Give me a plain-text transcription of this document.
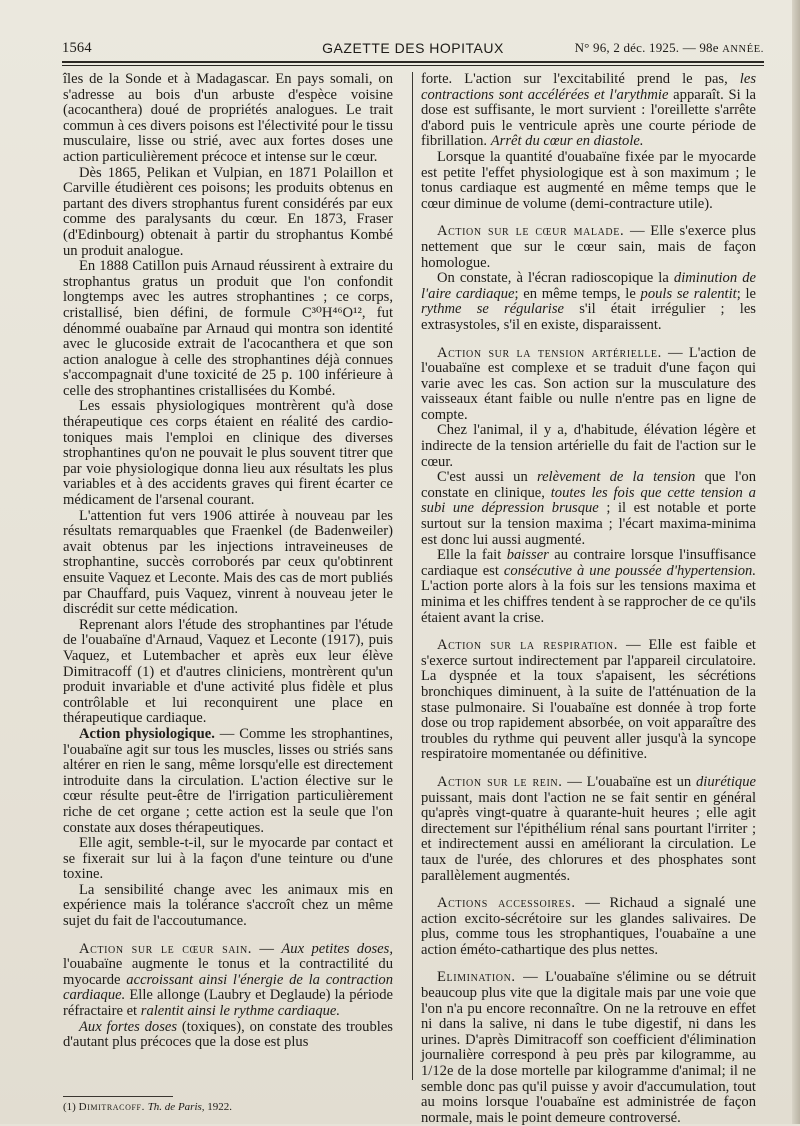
1564	GAZETTE DES HOPITAUX	N° 96, 2 déc. 1925. — 98e ANNÉE.

îles de la Sonde et à Madagascar. En pays somali, on s'adresse au bois d'un arbuste d'espèce voisine (acocanthera) doué de propriétés analogues. Le trait commun à ces divers poisons est l'électivité pour le tissu musculaire, lisse ou strié, avec aux fortes doses une action particulièrement précoce et intense sur le cœur.

Dès 1865, Pelikan et Vulpian, en 1871 Polaillon et Carville étudièrent ces poisons; les produits obtenus en partant des divers strophantus furent considérés par eux comme des paralysants du cœur. En 1873, Fraser (d'Edinbourg) obtenait à partir du strophantus Kombé un produit analogue.

En 1888 Catillon puis Arnaud réussirent à extraire du strophantus gratus un produit que l'on confondit longtemps avec les autres strophantines ; ce corps, cristallisé, bien défini, de formule C³⁰H⁴⁶O¹², fut dénommé ouabaïne par Arnaud qui montra son identité avec le glucoside extrait de l'acocanthera et que son action analogue à celle des strophantines déjà connues s'accompagnait d'une toxicité de 25 p. 100 inférieure à celle des strophantines cristallisées du Kombé.

Les essais physiologiques montrèrent qu'à dose thérapeutique ces corps étaient en réalité des cardio-toniques mais l'emploi en clinique des diverses strophantines qu'on ne pouvait le plus souvent titrer que par voie physiologique donna lieu aux résultats les plus variables et à des accidents graves qui firent écarter ce médicament de l'arsenal courant.

L'attention fut vers 1906 attirée à nouveau par les résultats remarquables que Fraenkel (de Badenweiler) avait obtenus par les injections intraveineuses de strophantine, succès corroborés par ceux qu'obtinrent ensuite Vaquez et Leconte. Mais des cas de mort publiés par Chauffard, puis Vaquez, vinrent à nouveau jeter le discrédit sur cette médication.

Reprenant alors l'étude des strophantines par l'étude de l'ouabaïne d'Arnaud, Vaquez et Leconte (1917), puis Vaquez, et Lutembacher et après eux leur élève Dimitracoff (1) et d'autres cliniciens, montrèrent qu'un produit invariable et d'une activité plus fidèle et plus contrôlable et lui reconquirent une place en thérapeutique cardiaque.

Action physiologique. — Comme les strophantines, l'ouabaïne agit sur tous les muscles, lisses ou striés sans altérer en rien le sang, même lorsqu'elle est directement introduite dans la circulation. L'action élective sur le cœur résulte peut-être de l'irrigation particulièrement riche de cet organe ; cette action est la seule que l'on constate aux doses thérapeutiques.

Elle agit, semble-t-il, sur le myocarde par contact et se fixerait sur lui à la façon d'une teinture ou d'une toxine.

La sensibilité change avec les animaux mis en expérience mais la tolérance s'accroît chez un même sujet du fait de l'accoutumance.

Action sur le cœur sain. — Aux petites doses, l'ouabaïne augmente le tonus et la contractilité du myocarde accroissant ainsi l'énergie de la contraction cardiaque. Elle allonge (Laubry et Deglaude) la période réfractaire et ralentit ainsi le rythme cardiaque.

Aux fortes doses (toxiques), on constate des troubles d'autant plus précoces que la dose est plus

(1) Dimitracoff. Th. de Paris, 1922.

forte. L'action sur l'excitabilité prend le pas, les contractions sont accélérées et l'arythmie apparaît. Si la dose est suffisante, le mort survient : l'oreillette s'arrête d'abord puis le ventricule après une courte période de fibrillation. Arrêt du cœur en diastole.

Lorsque la quantité d'ouabaïne fixée par le myocarde est petite l'effet physiologique est à son maximum ; le tonus cardiaque est augmenté en même temps que le cœur diminue de volume (demi-contracture utile).

Action sur le cœur malade. — Elle s'exerce plus nettement que sur le cœur sain, mais de façon homologue.

On constate, à l'écran radioscopique la diminution de l'aire cardiaque; en même temps, le pouls se ralentit; le rythme se régularise s'il était irrégulier ; les extrasystoles, s'il en existe, disparaissent.

Action sur la tension artérielle. — L'action de l'ouabaïne est complexe et se traduit d'une façon qui varie avec les cas. Son action sur la musculature des vaisseaux étant faible ou nulle n'entre pas en ligne de compte.

Chez l'animal, il y a, d'habitude, élévation légère et indirecte de la tension artérielle du fait de l'action sur le cœur.

C'est aussi un relèvement de la tension que l'on constate en clinique, toutes les fois que cette tension a subi une dépression brusque ; il est notable et porte surtout sur la tension maxima ; l'écart maxima-minima est donc lui aussi augmenté.

Elle la fait baisser au contraire lorsque l'insuffisance cardiaque est consécutive à une poussée d'hypertension. L'action porte alors à la fois sur les tensions maxima et minima et les chiffres tendent à se rapprocher de ce qu'ils étaient avant la crise.

Action sur la respiration. — Elle est faible et s'exerce surtout indirectement par l'appareil circulatoire. La dyspnée et la toux s'apaisent, les sécrétions bronchiques diminuent, à la suite de l'atténuation de la stase pulmonaire. Si l'ouabaïne est donnée à trop forte dose ou trop rapidement absorbée, on voit apparaître des troubles du rythme qui peuvent aller jusqu'à la syncope respiratoire momentanée ou définitive.

Action sur le rein. — L'ouabaïne est un diurétique puissant, mais dont l'action ne se fait sentir en général qu'après vingt-quatre à quarante-huit heures ; elle agit directement sur l'épithélium rénal sans pourtant l'irriter ; et indirectement aussi en améliorant la circulation. Le taux de l'urée, des chlorures et des phosphates sont parallèlement augmentés.

Actions accessoires. — Richaud a signalé une action excito-sécrétoire sur les glandes salivaires. De plus, comme tous les strophantiques, l'ouabaïne a une action éméto-cathartique des plus nettes.

Elimination. — L'ouabaïne s'élimine ou se détruit beaucoup plus vite que la digitale mais par une voie que l'on n'a pu encore reconnaître. On ne la retrouve en effet ni dans la salive, ni dans le tube digestif, ni dans les urines. D'après Dimitracoff son coefficient d'élimination journalière correspond à peu près par kilogramme, au 1/12e de la dose mortelle par kilogramme d'animal; il ne semble donc pas qu'il puisse y avoir d'accumulation, tout au moins lorsque l'ouabaïne est administrée de façon normale, mais le point demeure controversé.
